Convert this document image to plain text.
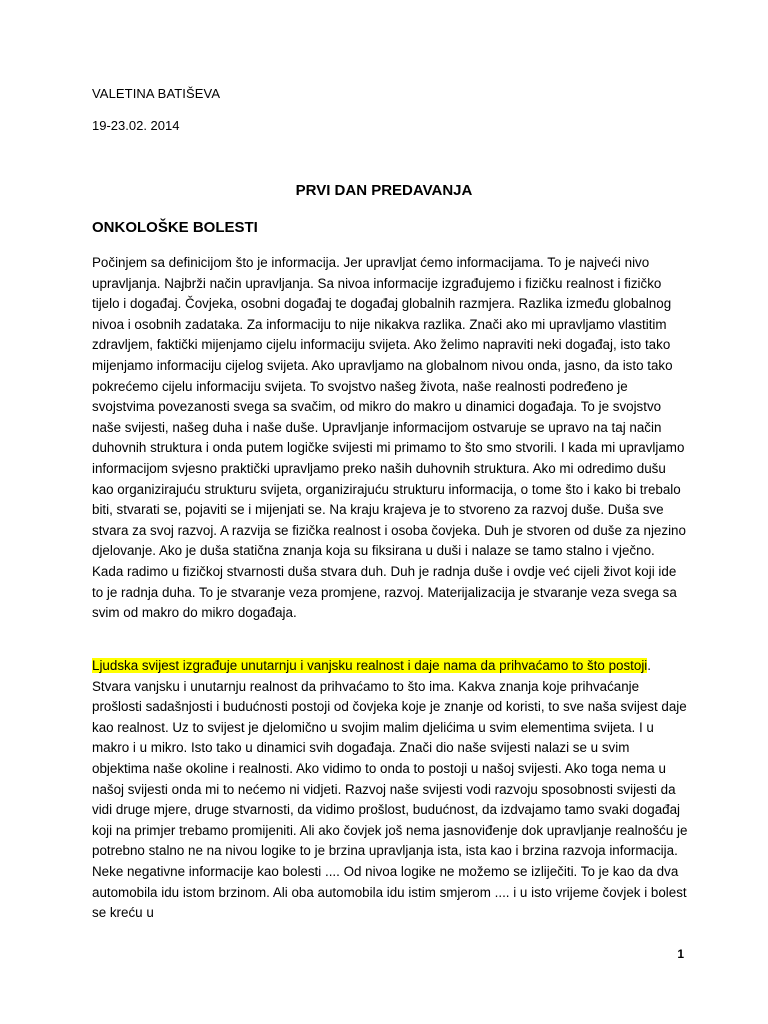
VALETINA BATIŠEVA
19-23.02. 2014
PRVI DAN PREDAVANJA
ONKOLOŠKE BOLESTI

Počinjem sa definicijom što je informacija. Jer upravljat ćemo informacijama. To je najveći nivo upravljanja. Najbrži način upravljanja. Sa nivoa informacije izgrađujemo i fizičku realnost i fizičko tijelo i događaj. Čovjeka, osobni događaj te događaj globalnih razmjera. Razlika između globalnog nivoa i osobnih zadataka. Za informaciju to nije nikakva razlika. Znači ako mi upravljamo vlastitim zdravljem, faktički mijenjamo cijelu informaciju svijeta. Ako želimo napraviti neki događaj, isto tako mijenjamo informaciju cijelog svijeta. Ako upravljamo na globalnom nivou onda, jasno, da isto tako pokrećemo cijelu informaciju svijeta. To svojstvo našeg života, naše realnosti podređeno je svojstvima povezanosti svega sa svačim, od mikro do makro u dinamici događaja. To je svojstvo naše svijesti, našeg duha i naše duše. Upravljanje informacijom ostvaruje se upravo na taj način duhovnih struktura i onda putem logičke svijesti mi primamo to što smo stvorili. I kada mi upravljamo informacijom svjesno praktički upravljamo preko naših duhovnih struktura. Ako mi odredimo dušu kao organizirajuću strukturu svijeta, organizirajuću strukturu informacija, o tome što i kako bi trebalo biti, stvarati se, pojaviti se i mijenjati se. Na kraju krajeva je to stvoreno za razvoj duše. Duša sve stvara za svoj razvoj. A razvija se fizička realnost i osoba čovjeka. Duh je stvoren od duše za njezino djelovanje. Ako je duša statična znanja koja su fiksirana u duši i nalaze se tamo stalno i vječno. Kada radimo u fizičkoj stvarnosti duša stvara duh. Duh je radnja duše i ovdje već cijeli život koji ide to je radnja duha. To je stvaranje veza promjene, razvoj. Materijalizacija je stvaranje veza svega sa svim od makro do mikro događaja.

Ljudska svijest izgrađuje unutarnju i vanjsku realnost i daje nama da prihvaćamo to što postoji. Stvara vanjsku i unutarnju realnost da prihvaćamo to što ima. Kakva znanja koje prihvaćanje prošlosti sadašnjosti i budućnosti postoji od čovjeka koje je znanje od koristi, to sve naša svijest daje kao realnost. Uz to svijest je djelomično u svojim malim djelićima u svim elementima svijeta. I u makro i u mikro. Isto tako u dinamici svih događaja. Znači dio naše svijesti nalazi se u svim objektima naše okoline i realnosti. Ako vidimo to onda to postoji u našoj svijesti. Ako toga nema u našoj svijesti onda mi to nećemo ni vidjeti. Razvoj naše svijesti vodi razvoju sposobnosti svijesti da vidi druge mjere, druge stvarnosti, da vidimo prošlost, budućnost, da izdvajamo tamo svaki događaj koji na primjer trebamo promijeniti. Ali ako čovjek još nema jasnoviđenje dok upravljanje realnošću je potrebno stalno ne na nivou logike to je brzina upravljanja ista, ista kao i brzina razvoja informacija. Neke negativne informacije kao bolesti .... Od nivoa logike ne možemo se izliječiti. To je kao da dva automobila idu istom brzinom. Ali oba automobila idu istim smjerom .... i u isto vrijeme čovjek i bolest se kreću u

1
